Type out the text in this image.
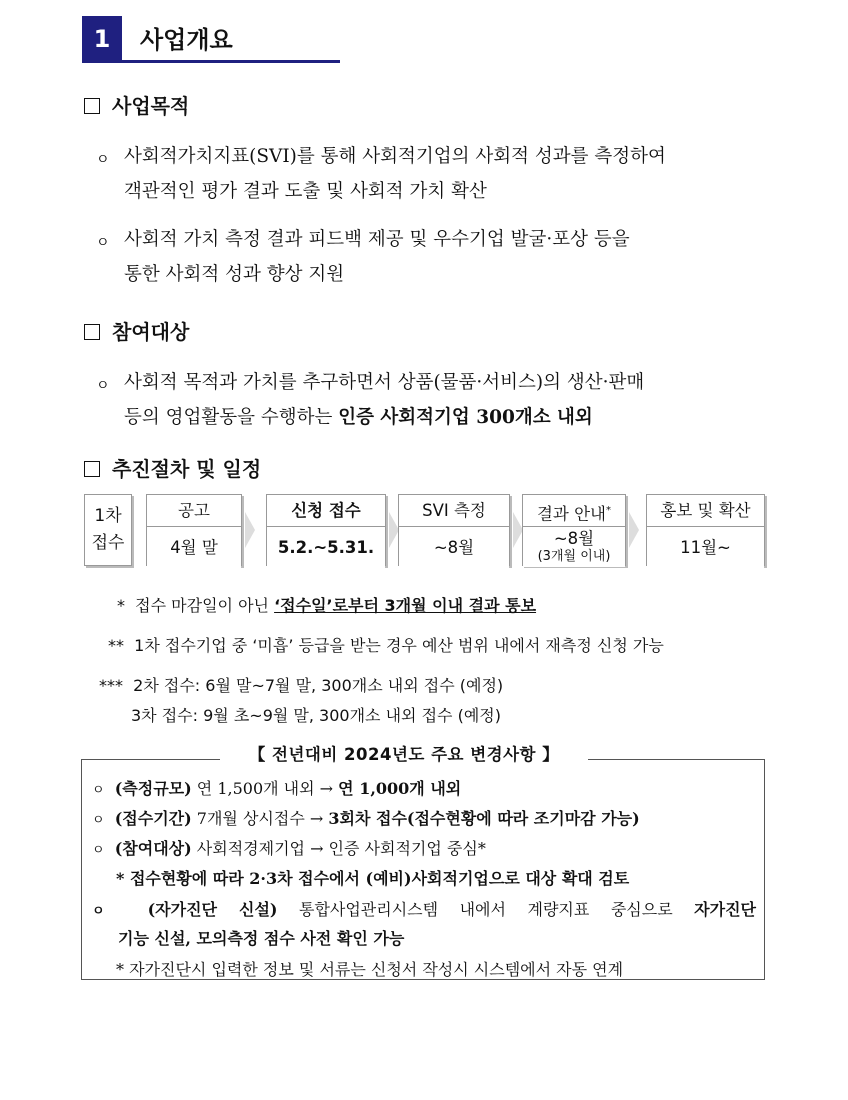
1	사업개요
사업목적
ㅇ 사회적가치지표(SVI)를 통해 사회적기업의 사회적 성과를 측정하여
객관적인 평가 결과 도출 및 사회적 가치 확산
ㅇ 사회적 가치 측정 결과 피드백 제공 및 우수기업 발굴·포상 등을
통한 사회적 성과 향상 지원
참여대상
ㅇ 사회적 목적과 가치를 추구하면서 상품(물품·서비스)의 생산·판매
등의 영업활동을 수행하는 인증 사회적기업 300개소 내외
추진절차 및 일정
1차
접수
공고
4월 말
신청 접수
5.2.~5.31.
SVI 측정
~8월
결과 안내*
~8월
(3개월 이내)
홍보 및 확산
11월~
* 접수 마감일이 아닌 ‘접수일’로부터 3개월 이내 결과 통보
** 1차 접수기업 중 ‘미흡’ 등급을 받는 경우 예산 범위 내에서 재측정 신청 가능
*** 2차 접수: 6월 말~7월 말, 300개소 내외 접수 (예정)
3차 접수: 9월 초~9월 말, 300개소 내외 접수 (예정)
【 전년대비 2024년도 주요 변경사항 】
ㅇ (측정규모) 연 1,500개 내외 → 연 1,000개 내외
ㅇ (접수기간) 7개월 상시접수 → 3회차 접수(접수현황에 따라 조기마감 가능)
ㅇ (참여대상) 사회적경제기업 → 인증 사회적기업 중심*
* 접수현황에 따라 2·3차 접수에서 (예비)사회적기업으로 대상 확대 검토
ㅇ	(자가진단 신설) 통합사업관리시스템 내에서 계량지표 중심으로 자가진단
기능 신설, 모의측정 점수 사전 확인 가능
* 자가진단시 입력한 정보 및 서류는 신청서 작성시 시스템에서 자동 연계
